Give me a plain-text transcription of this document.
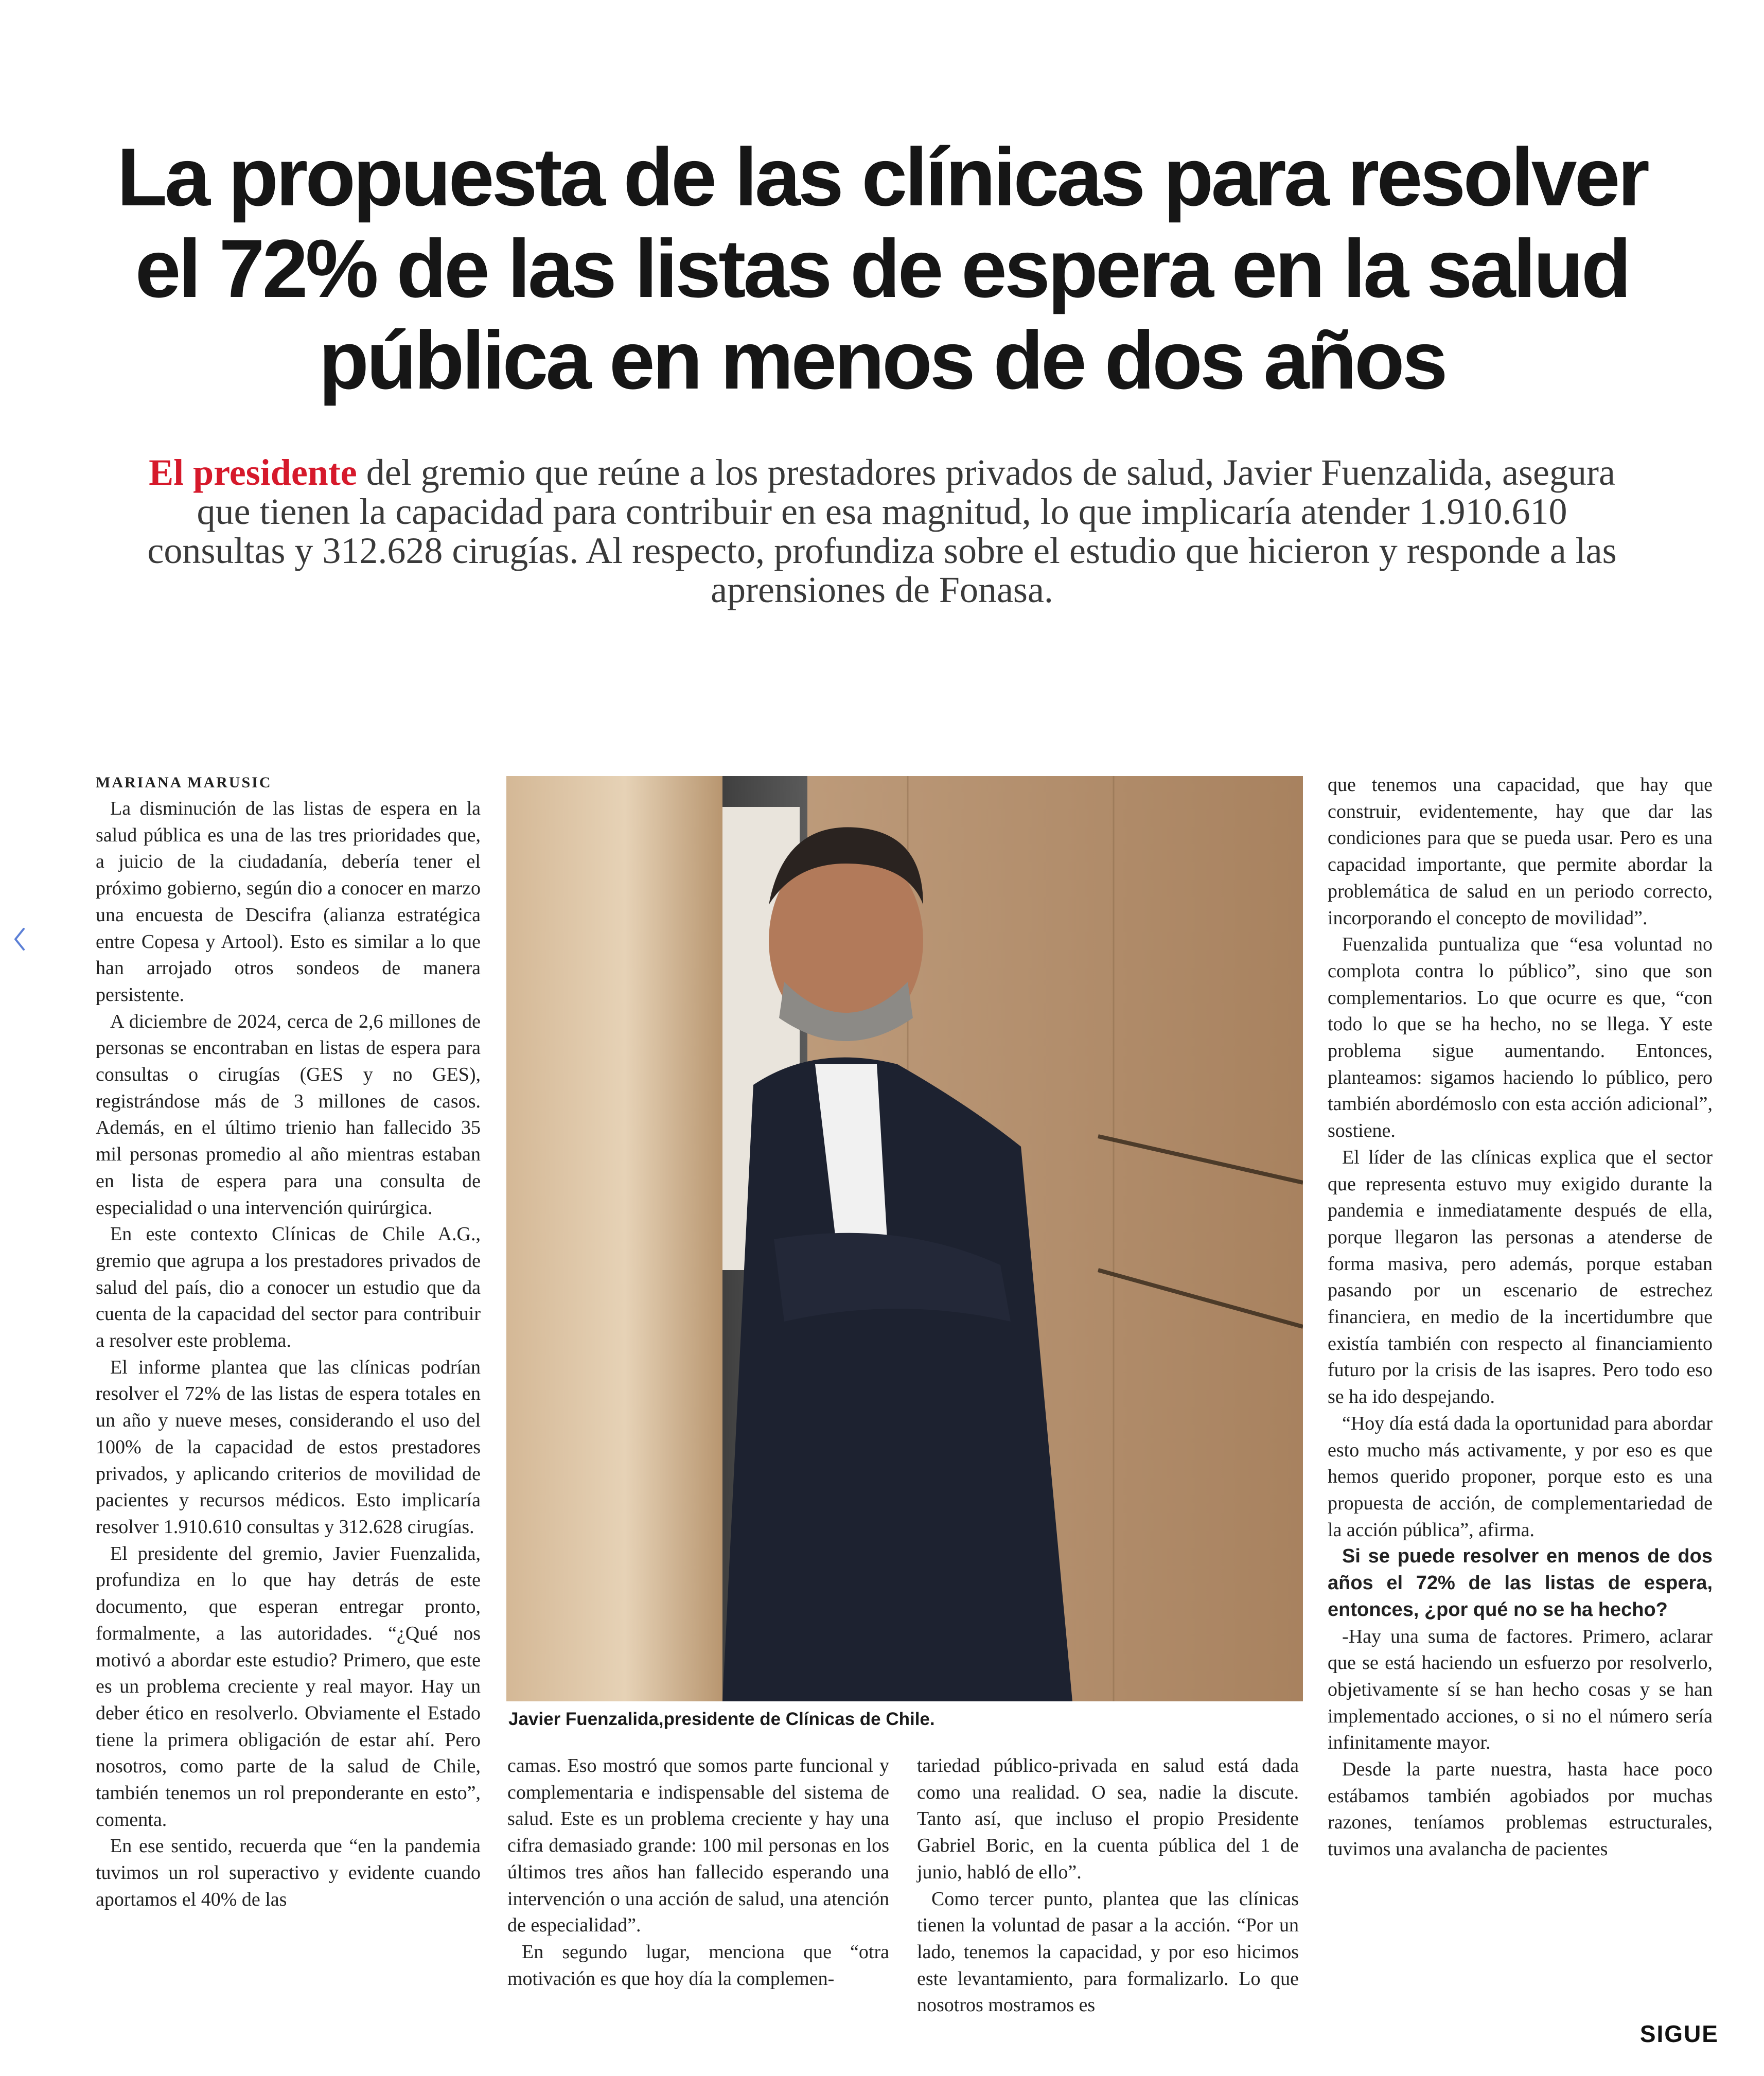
La propuesta de las clínicas para resolver el 72% de las listas de espera en la salud pública en menos de dos años

El presidente del gremio que reúne a los prestadores privados de salud, Javier Fuenzalida, asegura que tienen la capacidad para contribuir en esa magnitud, lo que implicaría atender 1.910.610 consultas y 312.628 cirugías. Al respecto, profundiza sobre el estudio que hicieron y responde a las aprensiones de Fonasa.

MARIANA MARUSIC

La disminución de las listas de espera en la salud pública es una de las tres prioridades que, a juicio de la ciudadanía, debería tener el próximo gobierno, según dio a conocer en marzo una encuesta de Descifra (alianza estratégica entre Copesa y Artool). Esto es similar a lo que han arrojado otros sondeos de manera persistente.

A diciembre de 2024, cerca de 2,6 millones de personas se encontraban en listas de espera para consultas o cirugías (GES y no GES), registrándose más de 3 millones de casos. Además, en el último trienio han fallecido 35 mil personas promedio al año mientras estaban en lista de espera para una consulta de especialidad o una intervención quirúrgica.

En este contexto Clínicas de Chile A.G., gremio que agrupa a los prestadores privados de salud del país, dio a conocer un estudio que da cuenta de la capacidad del sector para contribuir a resolver este problema.

El informe plantea que las clínicas podrían resolver el 72% de las listas de espera totales en un año y nueve meses, considerando el uso del 100% de la capacidad de estos prestadores privados, y aplicando criterios de movilidad de pacientes y recursos médicos. Esto implicaría resolver 1.910.610 consultas y 312.628 cirugías.

El presidente del gremio, Javier Fuenzalida, profundiza en lo que hay detrás de este documento, que esperan entregar pronto, formalmente, a las autoridades. “¿Qué nos motivó a abordar este estudio? Primero, que este es un problema creciente y real mayor. Hay un deber ético en resolverlo. Obviamente el Estado tiene la primera obligación de estar ahí. Pero nosotros, como parte de la salud de Chile, también tenemos un rol preponderante en esto”, comenta.

En ese sentido, recuerda que “en la pandemia tuvimos un rol superactivo y evidente cuando aportamos el 40% de las

Javier Fuenzalida,presidente de Clínicas de Chile.

camas. Eso mostró que somos parte funcional y complementaria e indispensable del sistema de salud. Este es un problema creciente y hay una cifra demasiado grande: 100 mil personas en los últimos tres años han fallecido esperando una intervención o una acción de salud, una atención de especialidad”.

En segundo lugar, menciona que “otra motivación es que hoy día la complemen-

tariedad público-privada en salud está dada como una realidad. O sea, nadie la discute. Tanto así, que incluso el propio Presidente Gabriel Boric, en la cuenta pública del 1 de junio, habló de ello”.

Como tercer punto, plantea que las clínicas tienen la voluntad de pasar a la acción. “Por un lado, tenemos la capacidad, y por eso hicimos este levantamiento, para formalizarlo. Lo que nosotros mostramos es

que tenemos una capacidad, que hay que construir, evidentemente, hay que dar las condiciones para que se pueda usar. Pero es una capacidad importante, que permite abordar la problemática de salud en un periodo correcto, incorporando el concepto de movilidad”.

Fuenzalida puntualiza que “esa voluntad no complota contra lo público”, sino que son complementarios. Lo que ocurre es que, “con todo lo que se ha hecho, no se llega. Y este problema sigue aumentando. Entonces, planteamos: sigamos haciendo lo público, pero también abordémoslo con esta acción adicional”, sostiene.

El líder de las clínicas explica que el sector que representa estuvo muy exigido durante la pandemia e inmediatamente después de ella, porque llegaron las personas a atenderse de forma masiva, pero además, porque estaban pasando por un escenario de estrechez financiera, en medio de la incertidumbre que existía también con respecto al financiamiento futuro por la crisis de las isapres. Pero todo eso se ha ido despejando.

“Hoy día está dada la oportunidad para abordar esto mucho más activamente, y por eso es que hemos querido proponer, porque esto es una propuesta de acción, de complementariedad de la acción pública”, afirma.

Si se puede resolver en menos de dos años el 72% de las listas de espera, entonces, ¿por qué no se ha hecho?

-Hay una suma de factores. Primero, aclarar que se está haciendo un esfuerzo por resolverlo, objetivamente sí se han hecho cosas y se han implementado acciones, o si no el número sería infinitamente mayor.

Desde la parte nuestra, hasta hace poco estábamos también agobiados por muchas razones, teníamos problemas estructurales, tuvimos una avalancha de pacientes

SIGUE
